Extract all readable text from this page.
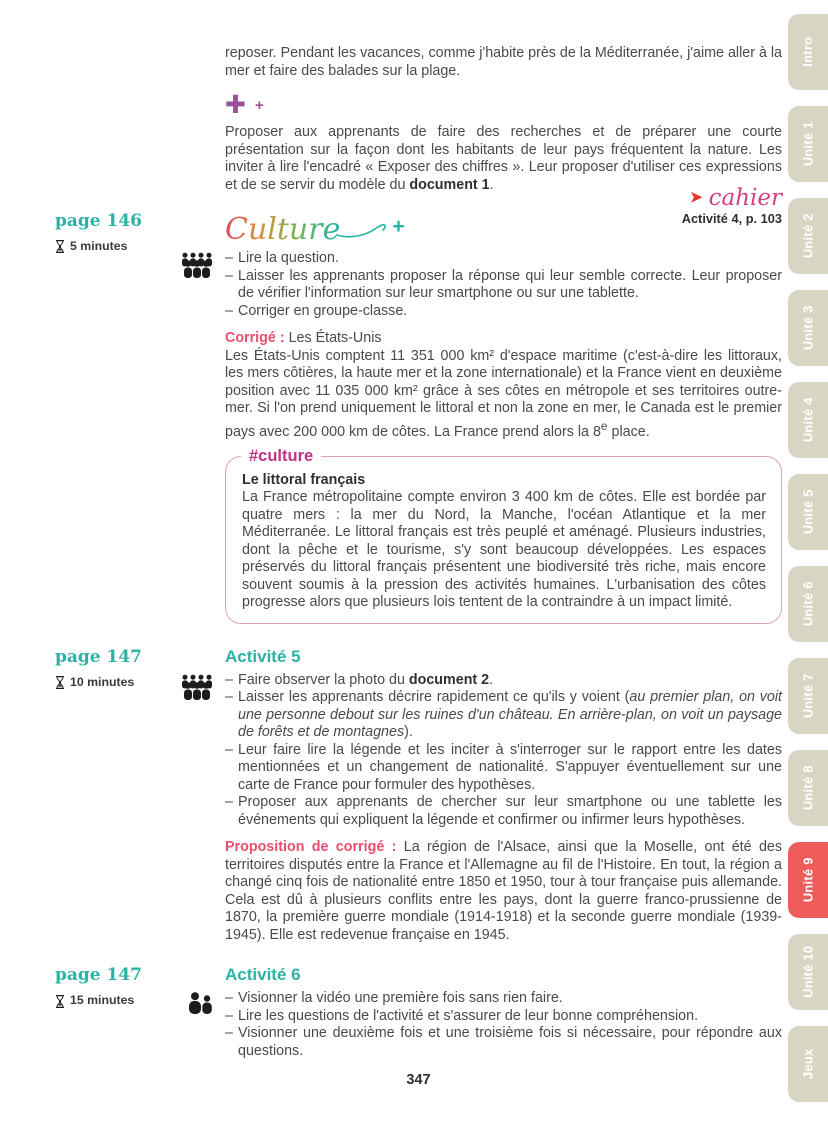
reposer. Pendant les vacances, comme j'habite près de la Méditerranée, j'aime aller à la mer et faire des balades sur la plage.

✚ +

Proposer aux apprenants de faire des recherches et de préparer une courte présentation sur la façon dont les habitants de leur pays fréquentent la nature. Les inviter à lire l'encadré « Exposer des chiffres ». Leur proposer d'utiliser ces expressions et de se servir du modèle du document 1.

➤ cahier
Activité 4, p. 103
page 146
5 minutes	Culture +
– Lire la question.
– Laisser les apprenants proposer la réponse qui leur semble correcte. Leur proposer de vérifier l'information sur leur smartphone ou sur une tablette.
– Corriger en groupe-classe.

Corrigé : Les États-Unis

Les États-Unis comptent 11 351 000 km² d'espace maritime (c'est-à-dire les littoraux, les mers côtières, la haute mer et la zone internationale) et la France vient en deuxième position avec 11 035 000 km² grâce à ses côtes en métropole et ses territoires outre-mer. Si l'on prend uniquement le littoral et non la zone en mer, le Canada est le premier pays avec 200 000 km de côtes. La France prend alors la 8e place.

#culture

Le littoral français

La France métropolitaine compte environ 3 400 km de côtes. Elle est bordée par quatre mers : la mer du Nord, la Manche, l'océan Atlantique et la mer Méditerranée. Le littoral français est très peuplé et aménagé. Plusieurs industries, dont la pêche et le tourisme, s'y sont beaucoup développées. Les espaces préservés du littoral français présentent une biodiversité très riche, mais encore souvent soumis à la pression des activités humaines. L'urbanisation des côtes progresse alors que plusieurs lois tentent de la contraindre à un impact limité.

page 147
10 minutes
Activité 5
– Faire observer la photo du document 2.
– Laisser les apprenants décrire rapidement ce qu'ils y voient (au premier plan, on voit une personne debout sur les ruines d'un château. En arrière-plan, on voit un paysage de forêts et de montagnes).
– Leur faire lire la légende et les inciter à s'interroger sur le rapport entre les dates mentionnées et un changement de nationalité. S'appuyer éventuellement sur une carte de France pour formuler des hypothèses.
– Proposer aux apprenants de chercher sur leur smartphone ou une tablette les événements qui expliquent la légende et confirmer ou infirmer leurs hypothèses.

Proposition de corrigé : La région de l'Alsace, ainsi que la Moselle, ont été des territoires disputés entre la France et l'Allemagne au fil de l'Histoire. En tout, la région a changé cinq fois de nationalité entre 1850 et 1950, tour à tour française puis allemande. Cela est dû à plusieurs conflits entre les pays, dont la guerre franco-prussienne de 1870, la première guerre mondiale (1914-1918) et la seconde guerre mondiale (1939-1945). Elle est redevenue française en 1945.

page 147
15 minutes
Activité 6
– Visionner la vidéo une première fois sans rien faire.
– Lire les questions de l'activité et s'assurer de leur bonne compréhension.
– Visionner une deuxième fois et une troisième fois si nécessaire, pour répondre aux questions.
347
Intro
Unité 1
Unité 2
Unité 3
Unité 4
Unité 5
Unité 6
Unité 7
Unité 8
Unité 9
Unité 10
Jeux
